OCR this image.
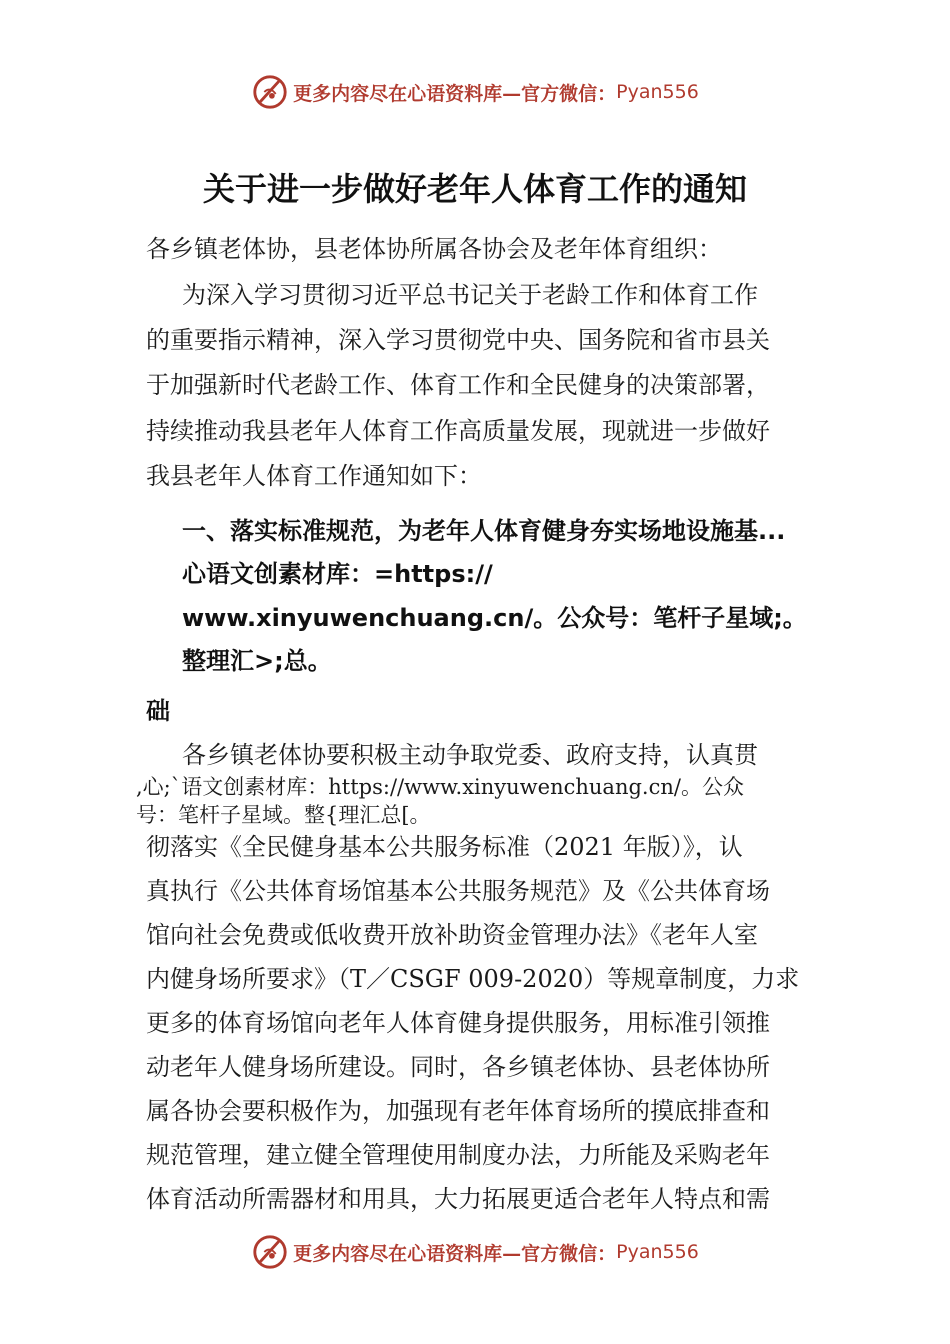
更多内容尽在心语资料库—官方微信： Pyan556
关于进一步做好老年人体育工作的通知
各乡镇老体协，县老体协所属各协会及老年体育组织：
为深入学习贯彻习近平总书记关于老龄工作和体育工作
的重要指示精神，深入学习贯彻党中央、国务院和省市县关
于加强新时代老龄工作、体育工作和全民健身的决策部署，
持续推动我县老年人体育工作高质量发展，现就进一步做好
我县老年人体育工作通知如下：
一、落实标准规范，为老年人体育健身夯实场地设施基...
心语文创素材库：=https://
www.xinyuwenchuang.cn/。公众号：笔杆子星域;。
整理汇>;总。
础
各乡镇老体协要积极主动争取党委、政府支持，认真贯
,心;`语文创素材库：https://www.xinyuwenchuang.cn/。公众
号：笔杆子星域。整{理汇总[。
彻落实《全民健身基本公共服务标准（2021 年版）》，认
真执行《公共体育场馆基本公共服务规范》及《公共体育场
馆向社会免费或低收费开放补助资金管理办法》《老年人室
内健身场所要求》（T／CSGF 009-2020）等规章制度，力求
更多的体育场馆向老年人体育健身提供服务，用标准引领推
动老年人健身场所建设。同时，各乡镇老体协、县老体协所
属各协会要积极作为，加强现有老年体育场所的摸底排查和
规范管理，建立健全管理使用制度办法，力所能及采购老年
体育活动所需器材和用具，大力拓展更适合老年人特点和需
更多内容尽在心语资料库—官方微信： Pyan556
